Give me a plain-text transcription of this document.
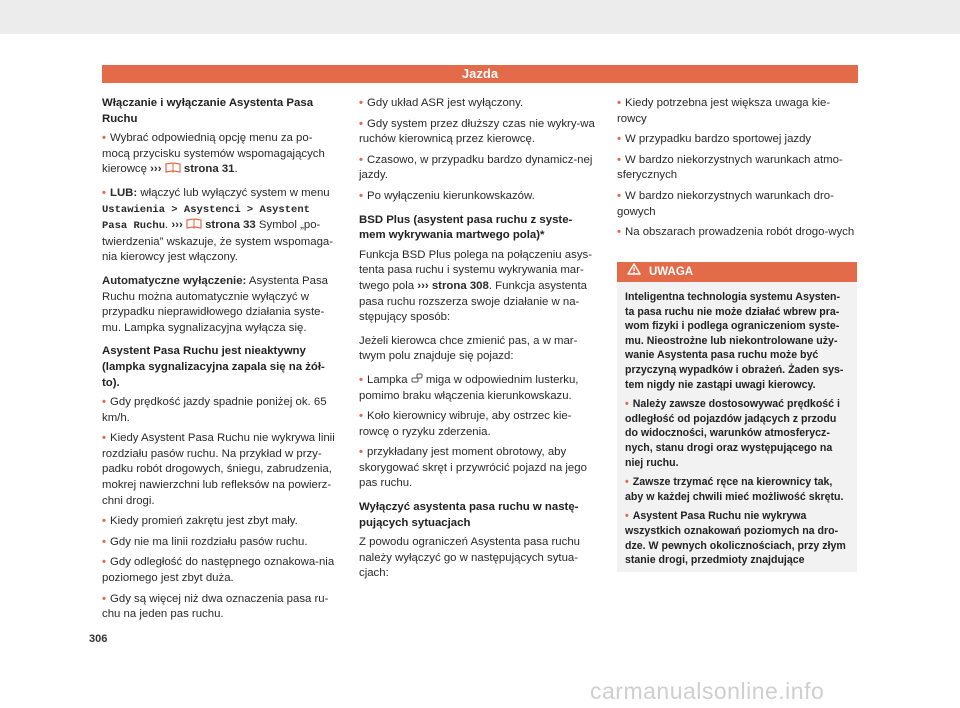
Jazda

Włączanie i wyłączanie Asystenta Pasa Ruchu

• Wybrać odpowiednią opcję menu za po-mocą przycisku systemów wspomagających kierowcę ››› strona 31.

• LUB: włączyć lub wyłączyć system w menu Ustawienia > Asystenci > Asystent Pasa Ruchu. ››› strona 33 Symbol „po-twierdzenia” wskazuje, że system wspomaga-nia kierowcy jest włączony.

Automatyczne wyłączenie: Asystenta Pasa Ruchu można automatycznie wyłączyć w przypadku nieprawidłowego działania syste-mu. Lampka sygnalizacyjna wyłącza się.

Asystent Pasa Ruchu jest nieaktywny (lampka sygnalizacyjna zapala się na żół-to).

• Gdy prędkość jazdy spadnie poniżej ok. 65 km/h.

• Kiedy Asystent Pasa Ruchu nie wykrywa linii rozdziału pasów ruchu. Na przykład w przy-padku robót drogowych, śniegu, zabrudzenia, mokrej nawierzchni lub refleksów na powierz-chni drogi.

• Kiedy promień zakrętu jest zbyt mały.

• Gdy nie ma linii rozdziału pasów ruchu.

• Gdy odległość do następnego oznakowa-nia poziomego jest zbyt duża.

• Gdy są więcej niż dwa oznaczenia pasa ru-chu na jeden pas ruchu.

• Gdy układ ASR jest wyłączony.

• Gdy system przez dłuższy czas nie wykry-wa ruchów kierownicą przez kierowcę.

• Czasowo, w przypadku bardzo dynamicz-nej jazdy.

• Po wyłączeniu kierunkowskazów.

BSD Plus (asystent pasa ruchu z syste-mem wykrywania martwego pola)*

Funkcja BSD Plus polega na połączeniu asys-tenta pasa ruchu i systemu wykrywania mar-twego pola ››› strona 308. Funkcja asystenta pasa ruchu rozszerza swoje działanie w na-stępujący sposób:

Jeżeli kierowca chce zmienić pas, a w mar-twym polu znajduje się pojazd:

• Lampka miga w odpowiednim lusterku, pomimo braku włączenia kierunkowskazu.

• Koło kierownicy wibruje, aby ostrzec kie-rowcę o ryzyku zderzenia.

• przykładany jest moment obrotowy, aby skorygować skręt i przywrócić pojazd na jego pas ruchu.

Wyłączyć asystenta pasa ruchu w nastę-pujących sytuacjach

Z powodu ograniczeń Asystenta pasa ruchu należy wyłączyć go w następujących sytua-cjach:

• Kiedy potrzebna jest większa uwaga kie-rowcy

• W przypadku bardzo sportowej jazdy

• W bardzo niekorzystnych warunkach atmo-sferycznych

• W bardzo niekorzystnych warunkach dro-gowych

• Na obszarach prowadzenia robót drogo-wych

UWAGA

Inteligentna technologia systemu Asysten-ta pasa ruchu nie może działać wbrew pra-wom fizyki i podlega ograniczeniom syste-mu. Nieostrożne lub niekontrolowane uży-wanie Asystenta pasa ruchu może być przyczyną wypadków i obrażeń. Żaden sys-tem nigdy nie zastąpi uwagi kierowcy.

• Należy zawsze dostosowywać prędkość i odległość od pojazdów jadących z przodu do widoczności, warunków atmosferycz-nych, stanu drogi oraz występującego na niej ruchu.

• Zawsze trzymać ręce na kierownicy tak, aby w każdej chwili mieć możliwość skrętu.

• Asystent Pasa Ruchu nie wykrywa wszystkich oznakowań poziomych na dro-dze. W pewnych okolicznościach, przy złym stanie drogi, przedmioty znajdujące

306
carmanualsonline.info
